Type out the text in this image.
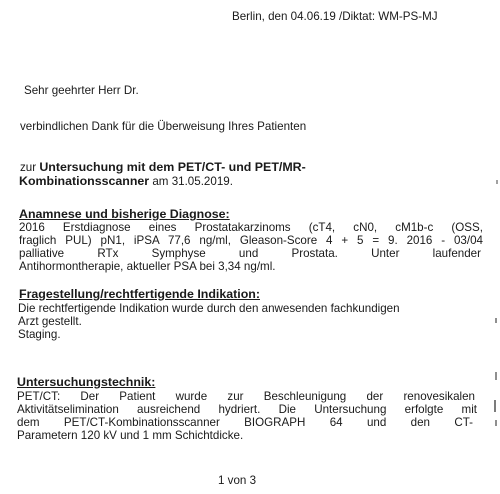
Berlin, den 04.06.19 /Diktat: WM-PS-MJ
Sehr geehrter Herr Dr.
verbindlichen Dank für die Überweisung Ihres Patienten
zur Untersuchung mit dem PET/CT- und PET/MR-
Kombinationsscanner am 31.05.2019.
Anamnese und bisherige Diagnose:
2016 Erstdiagnose eines Prostatakarzinoms (cT4, cN0, cM1b-c (OSS,
fraglich PUL) pN1, iPSA 77,6 ng/ml, Gleason-Score 4 + 5 = 9. 2016 - 03/04
palliative RTx Symphyse und Prostata. Unter laufender
Antihormontherapie, aktueller PSA bei 3,34 ng/ml.
Fragestellung/rechtfertigende Indikation:
Die rechtfertigende Indikation wurde durch den anwesenden fachkundigen
Arzt gestellt.
Staging.
Untersuchungstechnik:
PET/CT: Der Patient wurde zur Beschleunigung der renovesikalen
Aktivitätselimination ausreichend hydriert. Die Untersuchung erfolgte mit
dem PET/CT-Kombinationsscanner BIOGRAPH 64 und den CT-
Parametern 120 kV und 1 mm Schichtdicke.
1 von 3
